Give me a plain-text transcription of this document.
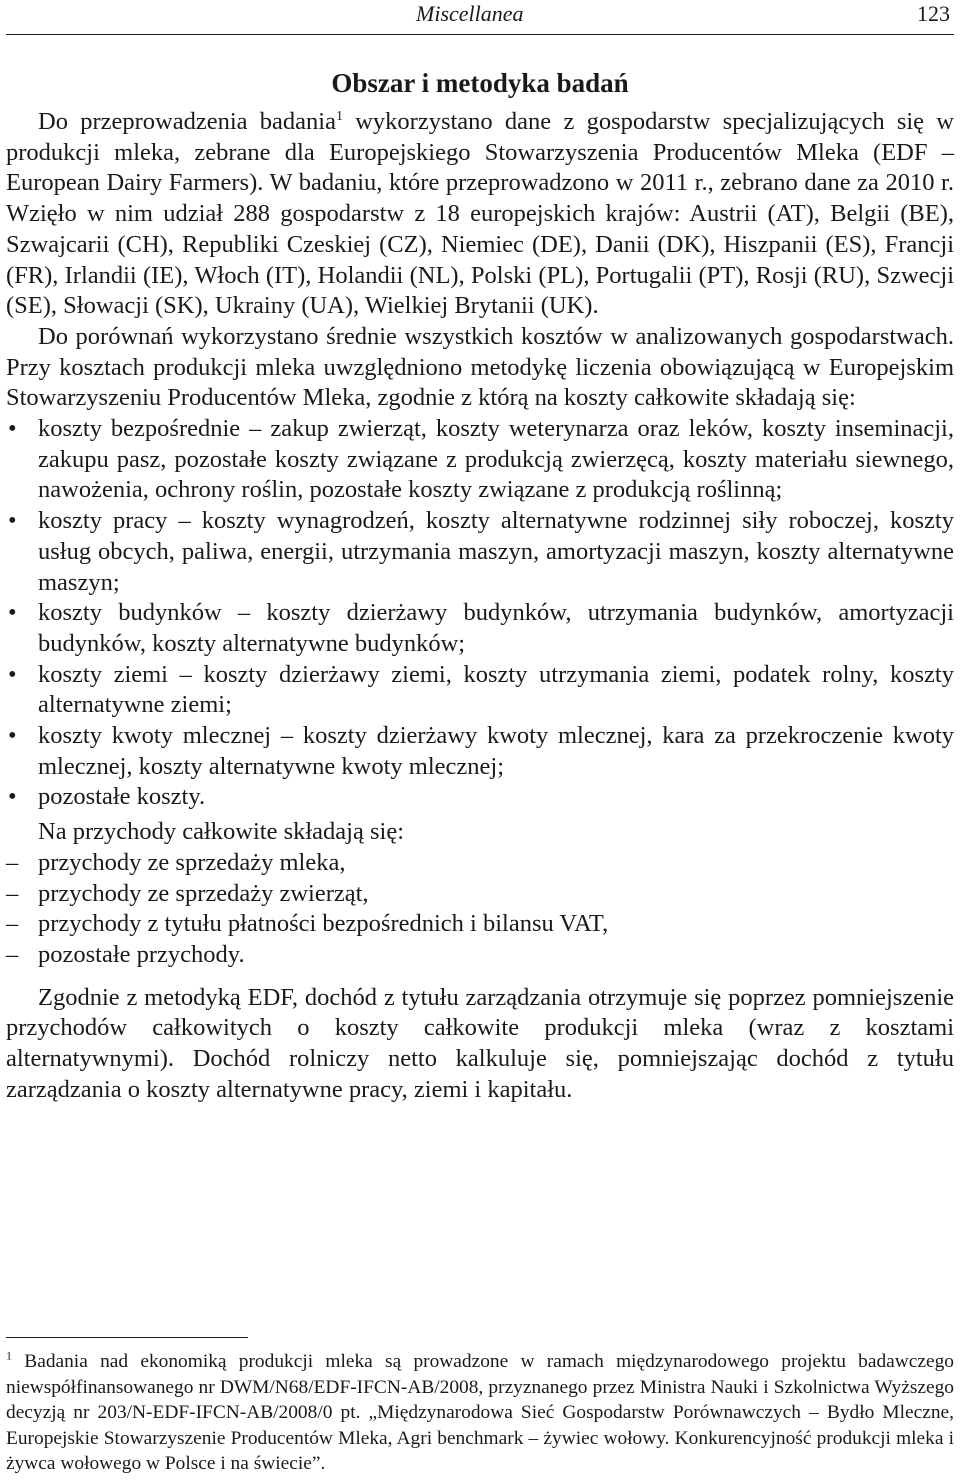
Miscellanea	123
Obszar i metodyka badań

Do przeprowadzenia badania$^1$ wykorzystano dane z gospodarstw specjalizujących się w produkcji mleka, zebrane dla Europejskiego Stowarzyszenia Producentów Mleka (EDF – European Dairy Farmers). W badaniu, które przeprowadzono w 2011 r., zebrano dane za 2010 r. Wzięło w nim udział 288 gospodarstw z 18 europejskich krajów: Austrii (AT), Belgii (BE), Szwajcarii (CH), Republiki Czeskiej (CZ), Niemiec (DE), Danii (DK), Hiszpanii (ES), Francji (FR), Irlandii (IE), Włoch (IT), Holandii (NL), Polski (PL), Portugalii (PT), Rosji (RU), Szwecji (SE), Słowacji (SK), Ukrainy (UA), Wielkiej Brytanii (UK).

Do porównań wykorzystano średnie wszystkich kosztów w analizowanych gospodarstwach. Przy kosztach produkcji mleka uwzględniono metodykę liczenia obowiązującą w Europejskim Stowarzyszeniu Producentów Mleka, zgodnie z którą na koszty całkowite składają się:

• koszty bezpośrednie – zakup zwierząt, koszty weterynarza oraz leków, koszty inseminacji, zakupu pasz, pozostałe koszty związane z produkcją zwierzęcą, koszty materiału siewnego, nawożenia, ochrony roślin, pozostałe koszty związane z produkcją roślinną;
• koszty pracy – koszty wynagrodzeń, koszty alternatywne rodzinnej siły roboczej, koszty usług obcych, paliwa, energii, utrzymania maszyn, amortyzacji maszyn, koszty alternatywne maszyn;
• koszty budynków – koszty dzierżawy budynków, utrzymania budynków, amortyzacji budynków, koszty alternatywne budynków;
• koszty ziemi – koszty dzierżawy ziemi, koszty utrzymania ziemi, podatek rolny, koszty alternatywne ziemi;
• koszty kwoty mlecznej – koszty dzierżawy kwoty mlecznej, kara za przekroczenie kwoty mlecznej, koszty alternatywne kwoty mlecznej;
• pozostałe koszty.

Na przychody całkowite składają się:

– przychody ze sprzedaży mleka,
– przychody ze sprzedaży zwierząt,
– przychody z tytułu płatności bezpośrednich i bilansu VAT,
– pozostałe przychody.

Zgodnie z metodyką EDF, dochód z tytułu zarządzania otrzymuje się poprzez pomniejszenie przychodów całkowitych o koszty całkowite produkcji mleka (wraz z kosztami alternatywnymi). Dochód rolniczy netto kalkuluje się, pomniejszając dochód z tytułu zarządzania o koszty alternatywne pracy, ziemi i kapitału.

$^1$ Badania nad ekonomiką produkcji mleka są prowadzone w ramach międzynarodowego projektu badawczego niewspółfinansowanego nr DWM/N68/EDF-IFCN-AB/2008, przyznanego przez Ministra Nauki i Szkolnictwa Wyższego decyzją nr 203/N-EDF-IFCN-AB/2008/0 pt. „Międzynarodowa Sieć Gospodarstw Porównawczych – Bydło Mleczne, Europejskie Stowarzyszenie Producentów Mleka, Agri benchmark – żywiec wołowy. Konkurencyjność produkcji mleka i żywca wołowego w Polsce i na świecie”.
